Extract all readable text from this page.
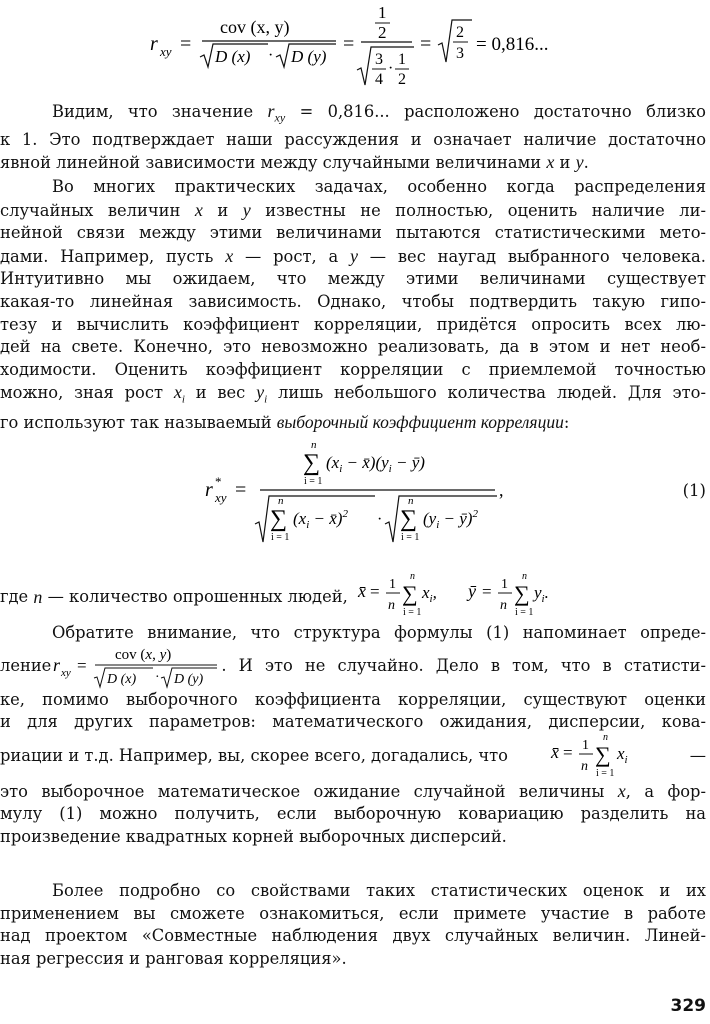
r xy =
cov (x, y)
D (x) · D (y)
=
1
2
3
4
·
1
2
=
2
3 = 0,816...
Видим, что значение $r_{xy} = 0,816$... расположено достаточно близко
к 1. Это подтверждает наши рассуждения и означает наличие достаточно
явной линейной зависимости между случайными величинами x и y.
Во многих практических задачах, особенно когда распределения
случайных величин x и y известны не полностью, оценить наличие ли-
нейной связи между этими величинами пытаются статистическими мето-
дами. Например, пусть x — рост, а y — вес наугад выбранного человека.
Интуитивно мы ожидаем, что между этими величинами существует
какая-то линейная зависимость. Однако, чтобы подтвердить такую гипо-
тезу и вычислить коэффициент корреляции, придётся опросить всех лю-
дей на свете. Конечно, это невозможно реализовать, да в этом и нет необ-
ходимости. Оценить коэффициент корреляции с приемлемой точностью
можно, зная рост $x_i$ и вес $y_i$ лишь небольшого количества людей. Для это-
го используют так называемый выборочный коэффициент корреляции:
r *
xy =
n
∑
i = 1
($x_i$ − $x̄)(y_i$ − ȳ)
n
∑
i = 1
($x_i$ − x̄)$^2$ ·
n
∑
i = 1
($y_i$ − ȳ)$^2$
,	(1)
где
n
— количество опрошенных людей, x̄ = 1
n
n
∑
i = 1
$x_i$, ȳ = 1
n
n
∑
i = 1
$y_i$.
Обратите внимание, что структура формулы (1) напоминает опреде-
ление r xy =
cov (x, y)
D (x) · D (y)
. И это не случайно. Дело в том, что в статисти-
ке, помимо выборочного коэффициента корреляции, существуют оценки
и для других параметров: математического ожидания, дисперсии, кова-
риации и т.д. Например, вы, скорее всего, догадались, что x̄ = 1
n
n
∑
i = 1
$x_i$	—
это выборочное математическое ожидание случайной величины x, а фор-
мулу (1) можно получить, если выборочную ковариацию разделить на
произведение квадратных корней выборочных дисперсий.
Более подробно со свойствами таких статистических оценок и их
применением вы сможете ознакомиться, если примете участие в работе
над проектом «Совместные наблюдения двух случайных величин. Линей-
ная регрессия и ранговая корреляция».
329
